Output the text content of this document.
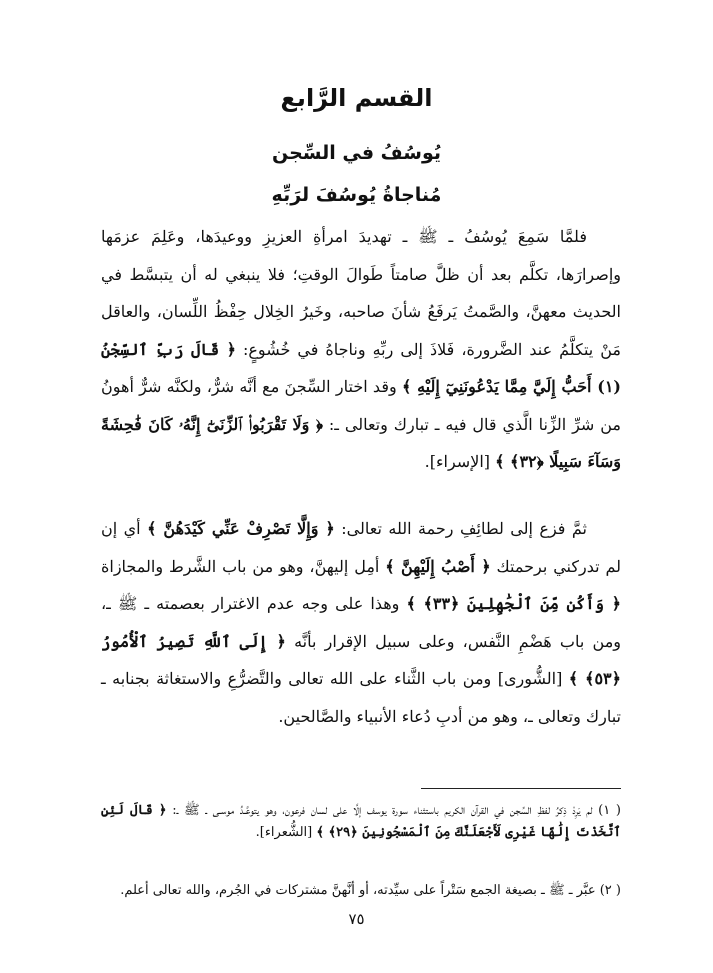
القسم الرَّابع
يُوسُفُ في السِّجن
مُناجاةُ يُوسُفَ لرَبِّهِ

فلمَّا سَمِعَ يُوسُفُ ـ ﷺ ـ تهديدَ امرأةِ العزيزِ ووعيدَها، وعَلِمَ عزمَها وإصرارَها، تكلَّم بعد أن ظلَّ صامتاً طَوالَ الوقتِ؛ فلا ينبغي له أن يتبسَّط في الحديث معهنَّ، والصَّمتُ يَرفَعُ شأنَ صاحبه، وخَيرُ الخِلال حِفْظُ اللِّسان، والعاقل مَنْ يتكلَّمُ عند الضَّرورة، فَلاذَ إلى ربِّهِ وناجاهُ في خُشُوعٍ: ﴿ قَالَ رَبِّ ٱلسِّجْنُ (١) أَحَبُّ إِلَيَّ مِمَّا يَدْعُونَنِيٓ إِلَيْهِ ﴾ وقد اختار السِّجنَ مع أنَّه شرٌّ، ولكنَّه شرٌّ أهونُ من شرِّ الزِّنا الَّذي قال فيه ـ تبارك وتعالى ـ: ﴿ وَلَا تَقْرَبُوا۟ ٱلزِّنَىٰٓ إِنَّهُۥ كَانَ فَٰحِشَةً وَسَآءَ سَبِيلًا ﴿٣٢﴾ ﴾ [الإسراء].

ثمَّ فزع إلى لطائِفِ رحمة الله تعالى: ﴿ وَإِلَّا تَصْرِفْ عَنِّي كَيْدَهُنَّ ﴾ أي إن لم تدركني برحمتك ﴿ أَصْبُ إِلَيْهِنَّ ﴾ أمِل إليهنَّ، وهو من باب الشَّرط والمجازاة ﴿ وَأَكُن مِّنَ ٱلْجَٰهِلِينَ ﴿٣٣﴾ ﴾ وهذا على وجه عدم الاغترار بعصمته ـ ﷺ ـ، ومن باب هَضْمِ النَّفس، وعلى سبيل الإقرار بأنَّه ﴿ إِلَى ٱللَّهِ تَصِيرُ ٱلْأُمُورُ ﴿٥٣﴾ ﴾ [الشُّورى] ومن باب الثَّناء على الله تعالى والتَّضرُّعِ والاستغاثة بجنابه ـ تبارك وتعالى ـ، وهو من أدبِ دُعاء الأنبياء والصَّالحين.

( ١) لم يَرِدْ ذِكرُ لفظِ السِّجن في القرآن الكريم باستثناء سورة يوسف إلَّا على لسان فرعون، وهو يتوعَّـدُ موسـى ـ ﷺ ـ: ﴿ قَالَ لَئِنِ ٱتَّخَذْتَ إِلَٰهًا غَيْرِى لَأَجْعَلَنَّكَ مِنَ ٱلْمَسْجُونِينَ ﴿٢٩﴾ ﴾ [الشُّعراء].

( ٢) عبَّر ـ ﷺ ـ بصيغة الجمع سَتْراً على سيِّدته، أو أنَّهنَّ مشتركات في الجُرم، والله تعالى أعلم.

٧٥
